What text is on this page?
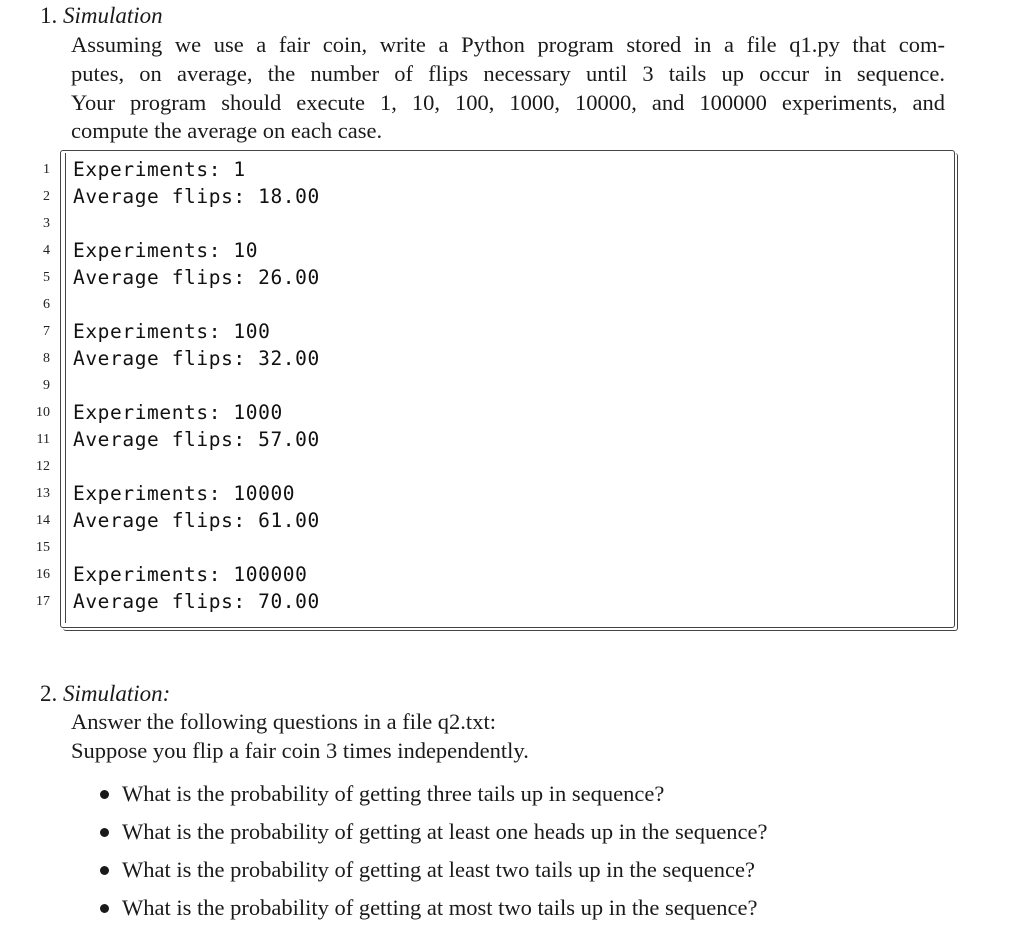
1. Simulation
Assuming we use a fair coin, write a Python program stored in a file q1.py that com-
putes, on average, the number of flips necessary until 3 tails up occur in sequence.
Your program should execute 1, 10, 100, 1000, 10000, and 100000 experiments, and
compute the average on each case.
1 Experiments: 1
2 Average flips: 18.00
3
4 Experiments: 10
5 Average flips: 26.00
6
7 Experiments: 100
8 Average flips: 32.00
9
10 Experiments: 1000
11 Average flips: 57.00
12
13 Experiments: 10000
14 Average flips: 61.00
15
16 Experiments: 100000
17 Average flips: 70.00
2. Simulation:
Answer the following questions in a file q2.txt:
Suppose you flip a fair coin 3 times independently.
What is the probability of getting three tails up in sequence?
What is the probability of getting at least one heads up in the sequence?
What is the probability of getting at least two tails up in the sequence?
What is the probability of getting at most two tails up in the sequence?
